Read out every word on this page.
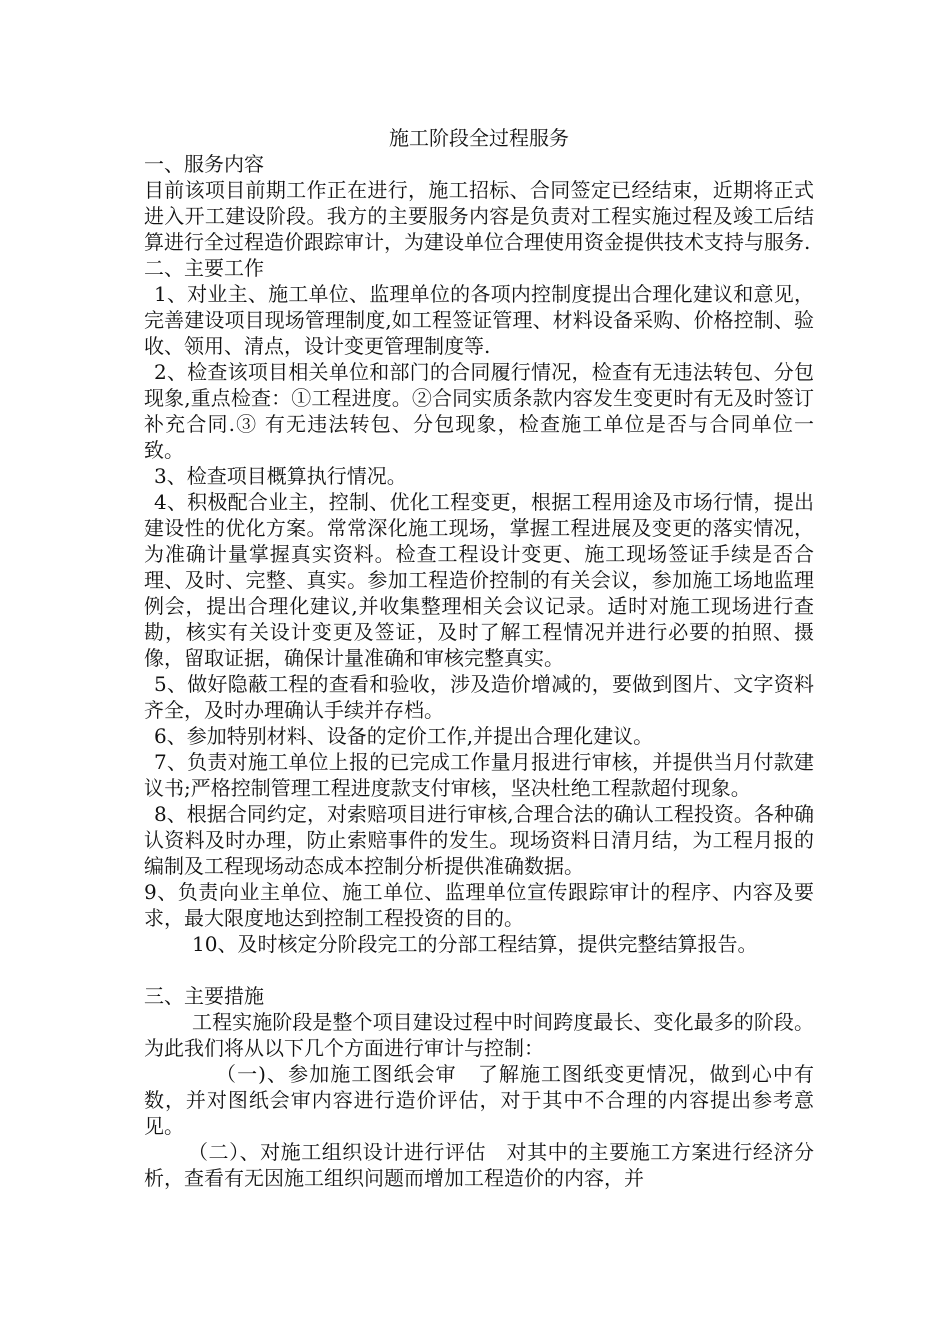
施工阶段全过程服务

一、服务内容

目前该项目前期工作正在进行，施工招标、合同签定已经结束，近期将正式进入开工建设阶段。我方的主要服务内容是负责对工程实施过程及竣工后结算进行全过程造价跟踪审计，为建设单位合理使用资金提供技术支持与服务.

二、主要工作

1、对业主、施工单位、监理单位的各项内控制度提出合理化建议和意见，完善建设项目现场管理制度,如工程签证管理、材料设备采购、价格控制、验收、领用、清点，设计变更管理制度等.

2、检查该项目相关单位和部门的合同履行情况，检查有无违法转包、分包现象,重点检查：①工程进度。②合同实质条款内容发生变更时有无及时签订补充合同.③ 有无违法转包、分包现象，检查施工单位是否与合同单位一致。

3、检查项目概算执行情况。

4、积极配合业主，控制、优化工程变更，根据工程用途及市场行情，提出建设性的优化方案。常常深化施工现场，掌握工程进展及变更的落实情况，为准确计量掌握真实资料。检查工程设计变更、施工现场签证手续是否合理、及时、完整、真实。参加工程造价控制的有关会议，参加施工场地监理例会，提出合理化建议,并收集整理相关会议记录。适时对施工现场进行查勘，核实有关设计变更及签证，及时了解工程情况并进行必要的拍照、摄像，留取证据，确保计量准确和审核完整真实。

5、做好隐蔽工程的查看和验收，涉及造价增减的，要做到图片、文字资料齐全，及时办理确认手续并存档。

6、参加特别材料、设备的定价工作,并提出合理化建议。

7、负责对施工单位上报的已完成工作量月报进行审核，并提供当月付款建议书;严格控制管理工程进度款支付审核，坚决杜绝工程款超付现象。

8、根据合同约定，对索赔项目进行审核,合理合法的确认工程投资。各种确认资料及时办理，防止索赔事件的发生。现场资料日清月结，为工程月报的编制及工程现场动态成本控制分析提供准确数据。

9、负责向业主单位、施工单位、监理单位宣传跟踪审计的程序、内容及要求，最大限度地达到控制工程投资的目的。

10、及时核定分阶段完工的分部工程结算，提供完整结算报告。

三、主要措施

工程实施阶段是整个项目建设过程中时间跨度最长、变化最多的阶段。为此我们将从以下几个方面进行审计与控制：

（一)、参加施工图纸会审　了解施工图纸变更情况，做到心中有数，并对图纸会审内容进行造价评估，对于其中不合理的内容提出参考意见。

（二）、对施工组织设计进行评估　对其中的主要施工方案进行经济分析，查看有无因施工组织问题而增加工程造价的内容，并
